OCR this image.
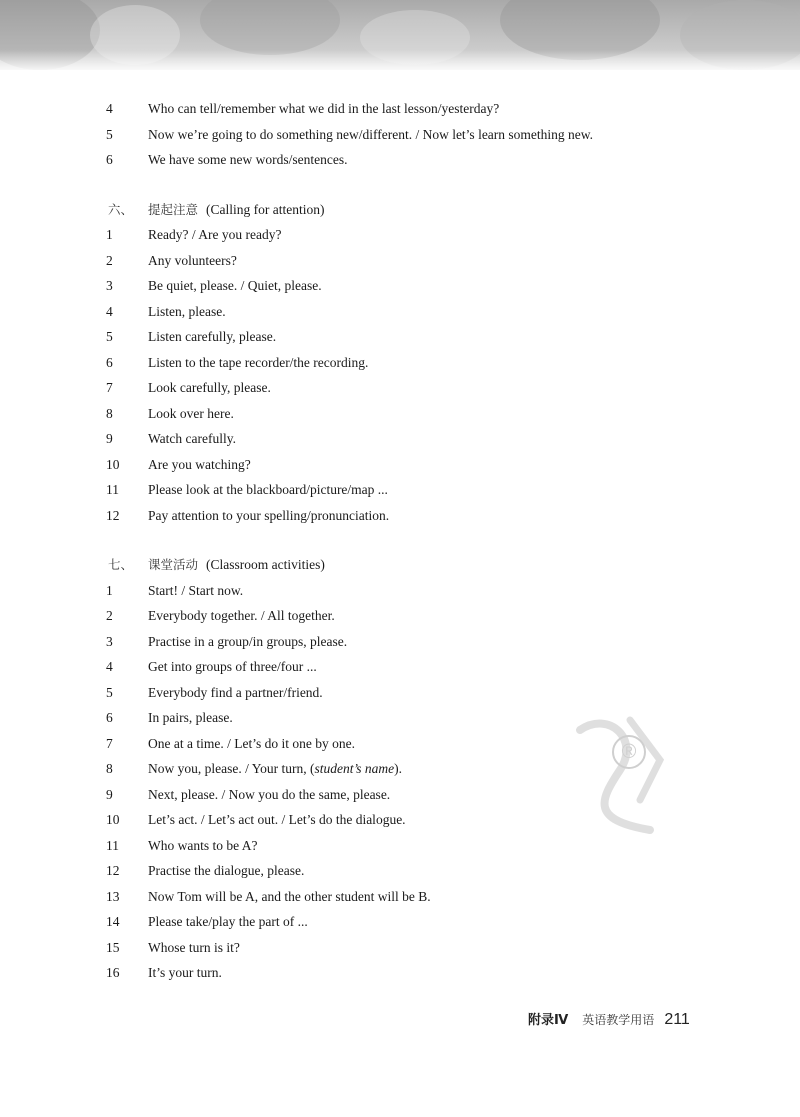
®
4	Who can tell/remember what we did in the last lesson/yesterday?
5	Now we’re going to do something new/different. / Now let’s learn something new.
6	We have some new words/sentences.
六、	提起注意 (Calling for attention)
1	Ready? / Are you ready?
2	Any volunteers?
3	Be quiet, please. / Quiet, please.
4	Listen, please.
5	Listen carefully, please.
6	Listen to the tape recorder/the recording.
7	Look carefully, please.
8	Look over here.
9	Watch carefully.
10	Are you watching?
11	Please look at the blackboard/picture/map ...
12	Pay attention to your spelling/pronunciation.
七、	课堂活动 (Classroom activities)
1	Start! / Start now.
2	Everybody together. / All together.
3	Practise in a group/in groups, please.
4	Get into groups of three/four ...
5	Everybody find a partner/friend.
6	In pairs, please.
7	One at a time. / Let’s do it one by one.
8	Now you, please. / Your turn, (student’s name).
9	Next, please. / Now you do the same, please.
10	Let’s act. / Let’s act out. / Let’s do the dialogue.
11	Who wants to be A?
12	Practise the dialogue, please.
13	Now Tom will be A, and the other student will be B.
14	Please take/play the part of ...
15	Whose turn is it?
16	It’s your turn.
附录Ⅳ 英语教学用语 211
